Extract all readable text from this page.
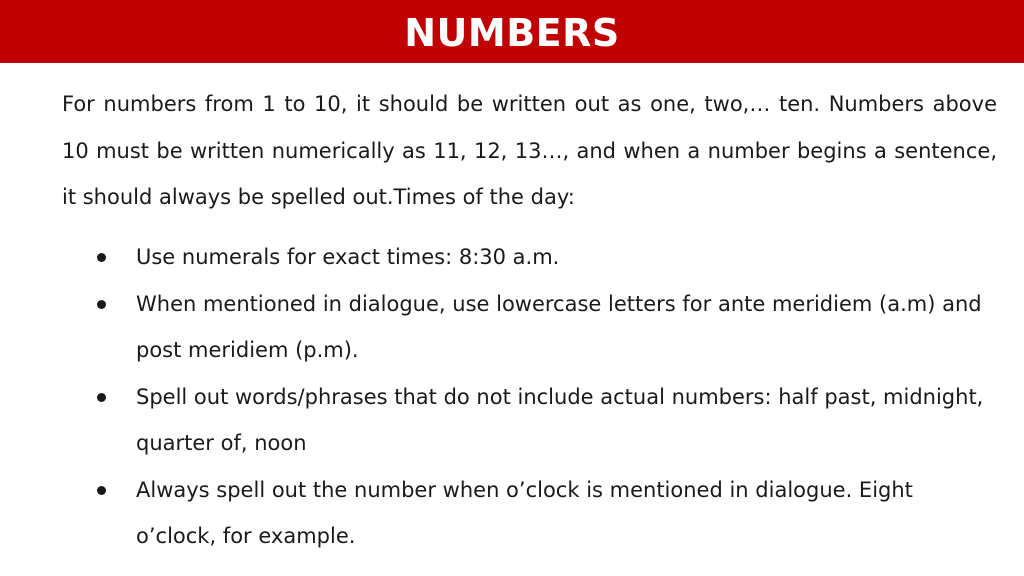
NUMBERS

For numbers from 1 to 10, it should be written out as one, two,… ten. Numbers above 10 must be written numerically as 11, 12, 13…, and when a number begins a sentence, it should always be spelled out.Times of the day:

Use numerals for exact times: 8:30 a.m.
When mentioned in dialogue, use lowercase letters for ante meridiem (a.m) and post meridiem (p.m).
Spell out words/phrases that do not include actual numbers: half past, midnight, quarter of, noon
Always spell out the number when o’clock is mentioned in dialogue. Eight o’clock, for example.
